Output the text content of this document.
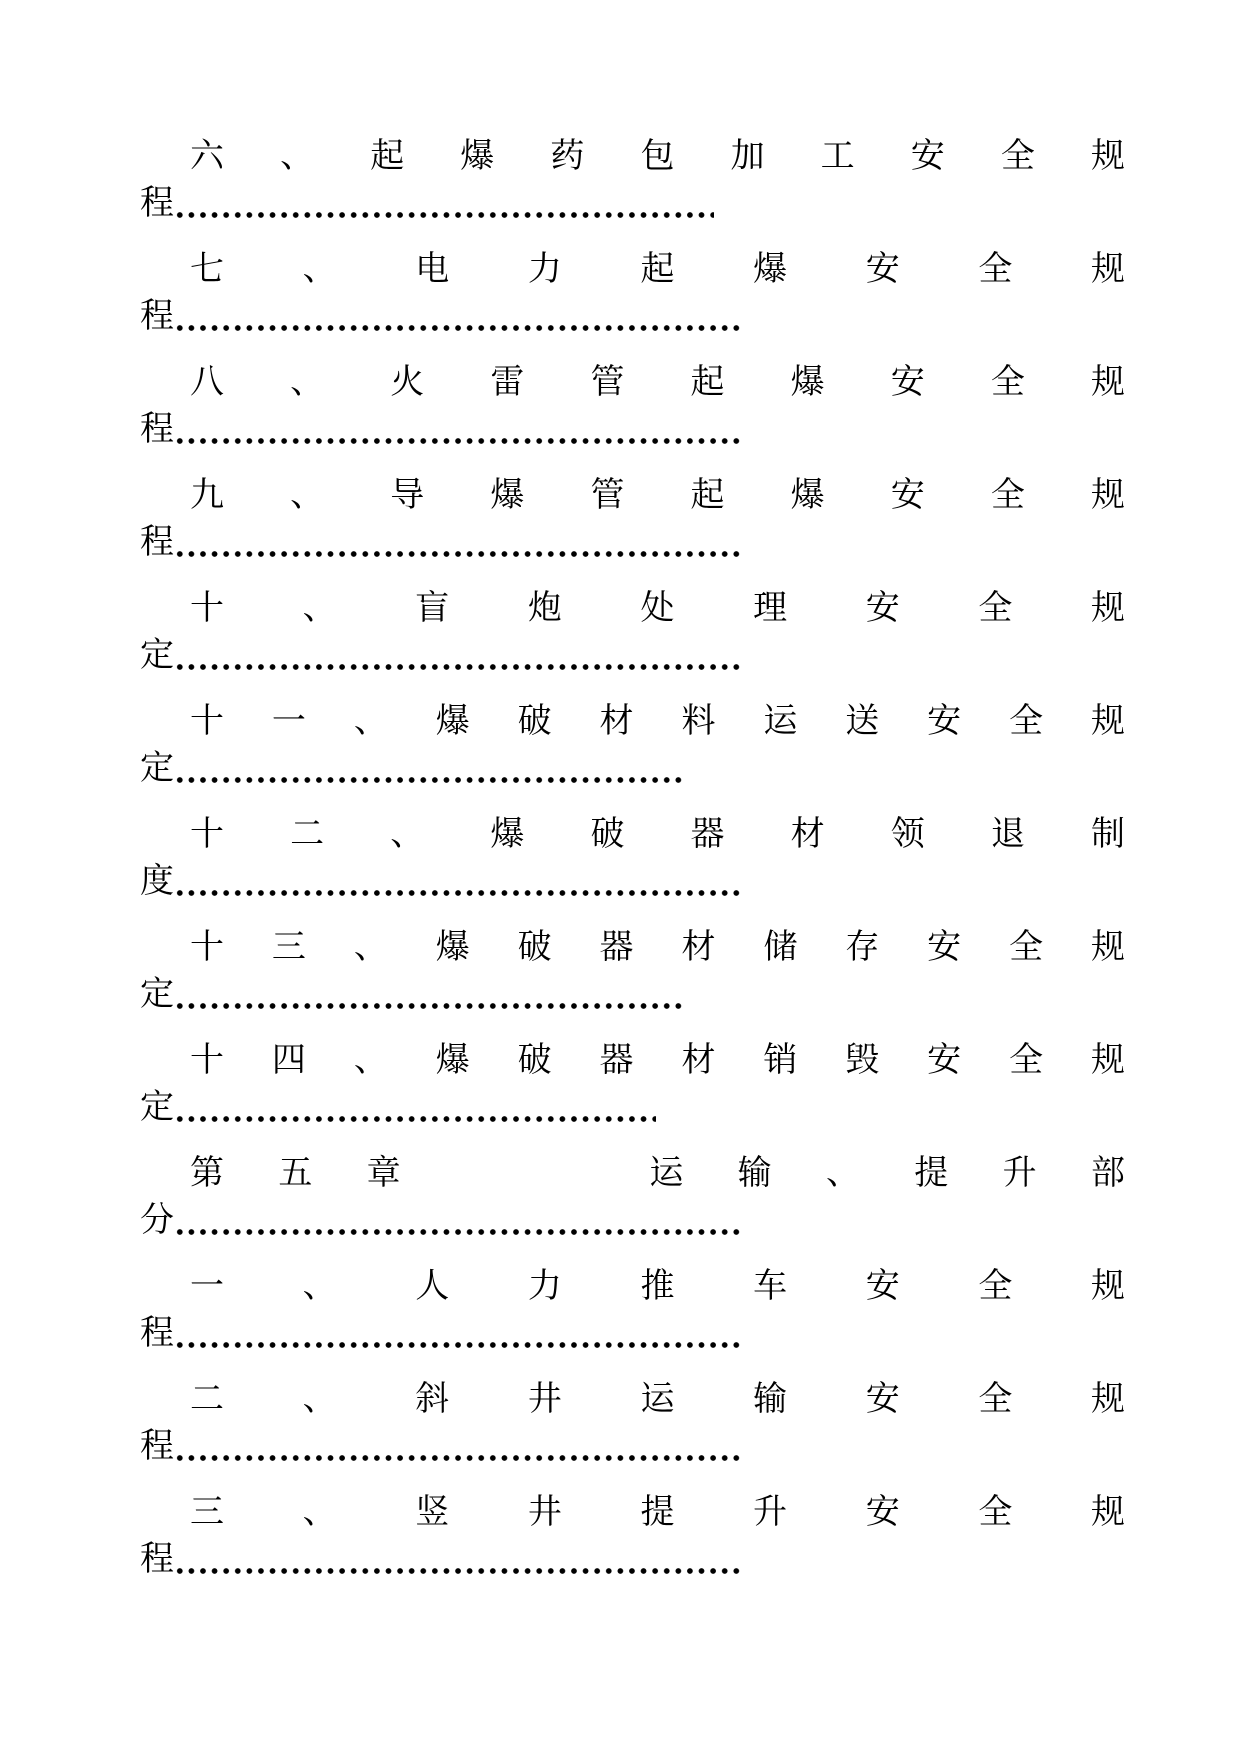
六 、 起 爆 药 包 加 工 安 全 规
程
七 、 电 力 起 爆 安 全 规
程
八 、 火 雷 管 起 爆 安 全 规
程
九 、 导 爆 管 起 爆 安 全 规
程
十 、 盲 炮 处 理 安 全 规
定
十 一 、 爆 破 材 料 运 送 安 全 规
定
十 二 、 爆 破 器 材 领 退 制
度
十 三 、 爆 破 器 材 储 存 安 全 规
定
十 四 、 爆 破 器 材 销 毁 安 全 规
定
第 五 章	运 输 、 提 升 部
分
一 、 人 力 推 车 安 全 规
程
二 、 斜 井 运 输 安 全 规
程
三 、 竖 井 提 升 安 全 规
程
